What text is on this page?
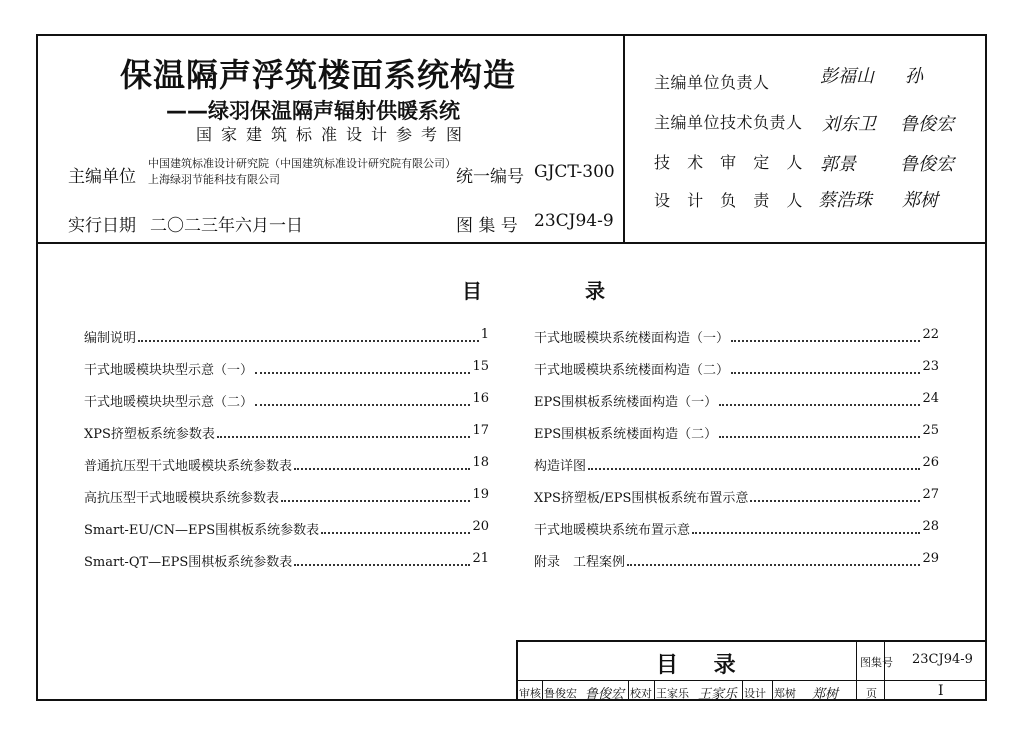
保温隔声浮筑楼面系统构造
——绿羽保温隔声辐射供暖系统
国家建筑标准设计参考图
主编单位
中国建筑标准设计研究院（中国建筑标准设计研究院有限公司）
上海绿羽节能科技有限公司	统一编号 GJCT-300
实行日期 二〇二三年六月一日	图 集 号 23CJ94-9
主编单位负责人	彭福山 孙
主编单位技术负责人 刘东卫 鲁俊宏
技 术 审 定 人 郭景 鲁俊宏
设 计 负 责 人 蔡浩珠 郑树
目 录
编制说明	1
干式地暖模块块型示意（一）	15
干式地暖模块块型示意（二）	16
XPS挤塑板系统参数表	17
普通抗压型干式地暖模块系统参数表	18
高抗压型干式地暖模块系统参数表	19
Smart-EU/CN—EPS围棋板系统参数表	20
Smart-QT—EPS围棋板系统参数表	21
干式地暖模块系统楼面构造（一）	22
干式地暖模块系统楼面构造（二）	23
EPS围棋板系统楼面构造（一）	24
EPS围棋板系统楼面构造（二）	25
构造详图	26
XPS挤塑板/EPS围棋板系统布置示意	27
干式地暖模块系统布置示意	28
附录　工程案例	29
目 录	图集号 23CJ94-9
审核 鲁俊宏 鲁俊宏 校对 王家乐 王家乐 设计 郑树 郑树	页	I
